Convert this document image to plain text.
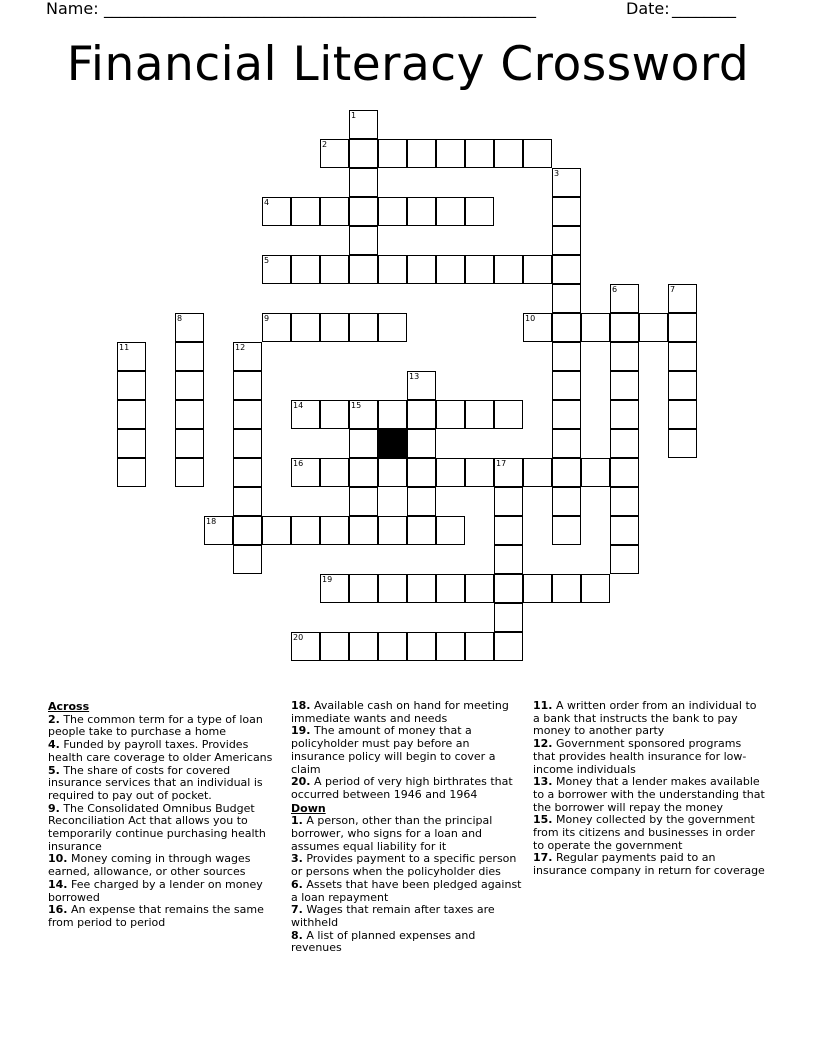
Name: ______________________________________________________	Date: ________
Financial Literacy Crossword
1
2
3
4
5
6	7
8	9	10
11	12
13
14	15
16	17
18
19
20
Across
2. The common term for a type of loan people take to purchase a home
4. Funded by payroll taxes. Provides health care coverage to older Americans
5. The share of costs for covered insurance services that an individual is required to pay out of pocket.
9. The Consolidated Omnibus Budget Reconciliation Act that allows you to temporarily continue purchasing health insurance
10. Money coming in through wages earned, allowance, or other sources
14. Fee charged by a lender on money borrowed
16. An expense that remains the same from period to period
18. Available cash on hand for meeting immediate wants and needs
19. The amount of money that a policyholder must pay before an insurance policy will begin to cover a claim
20. A period of very high birthrates that occurred between 1946 and 1964
Down
1. A person, other than the principal borrower, who signs for a loan and assumes equal liability for it
3. Provides payment to a specific person or persons when the policyholder dies
6. Assets that have been pledged against a loan repayment
7. Wages that remain after taxes are withheld
8. A list of planned expenses and revenues
11. A written order from an individual to a bank that instructs the bank to pay money to another party
12. Government sponsored programs that provides health insurance for low-income individuals
13. Money that a lender makes available to a borrower with the understanding that the borrower will repay the money
15. Money collected by the government from its citizens and businesses in order to operate the government
17. Regular payments paid to an insurance company in return for coverage
